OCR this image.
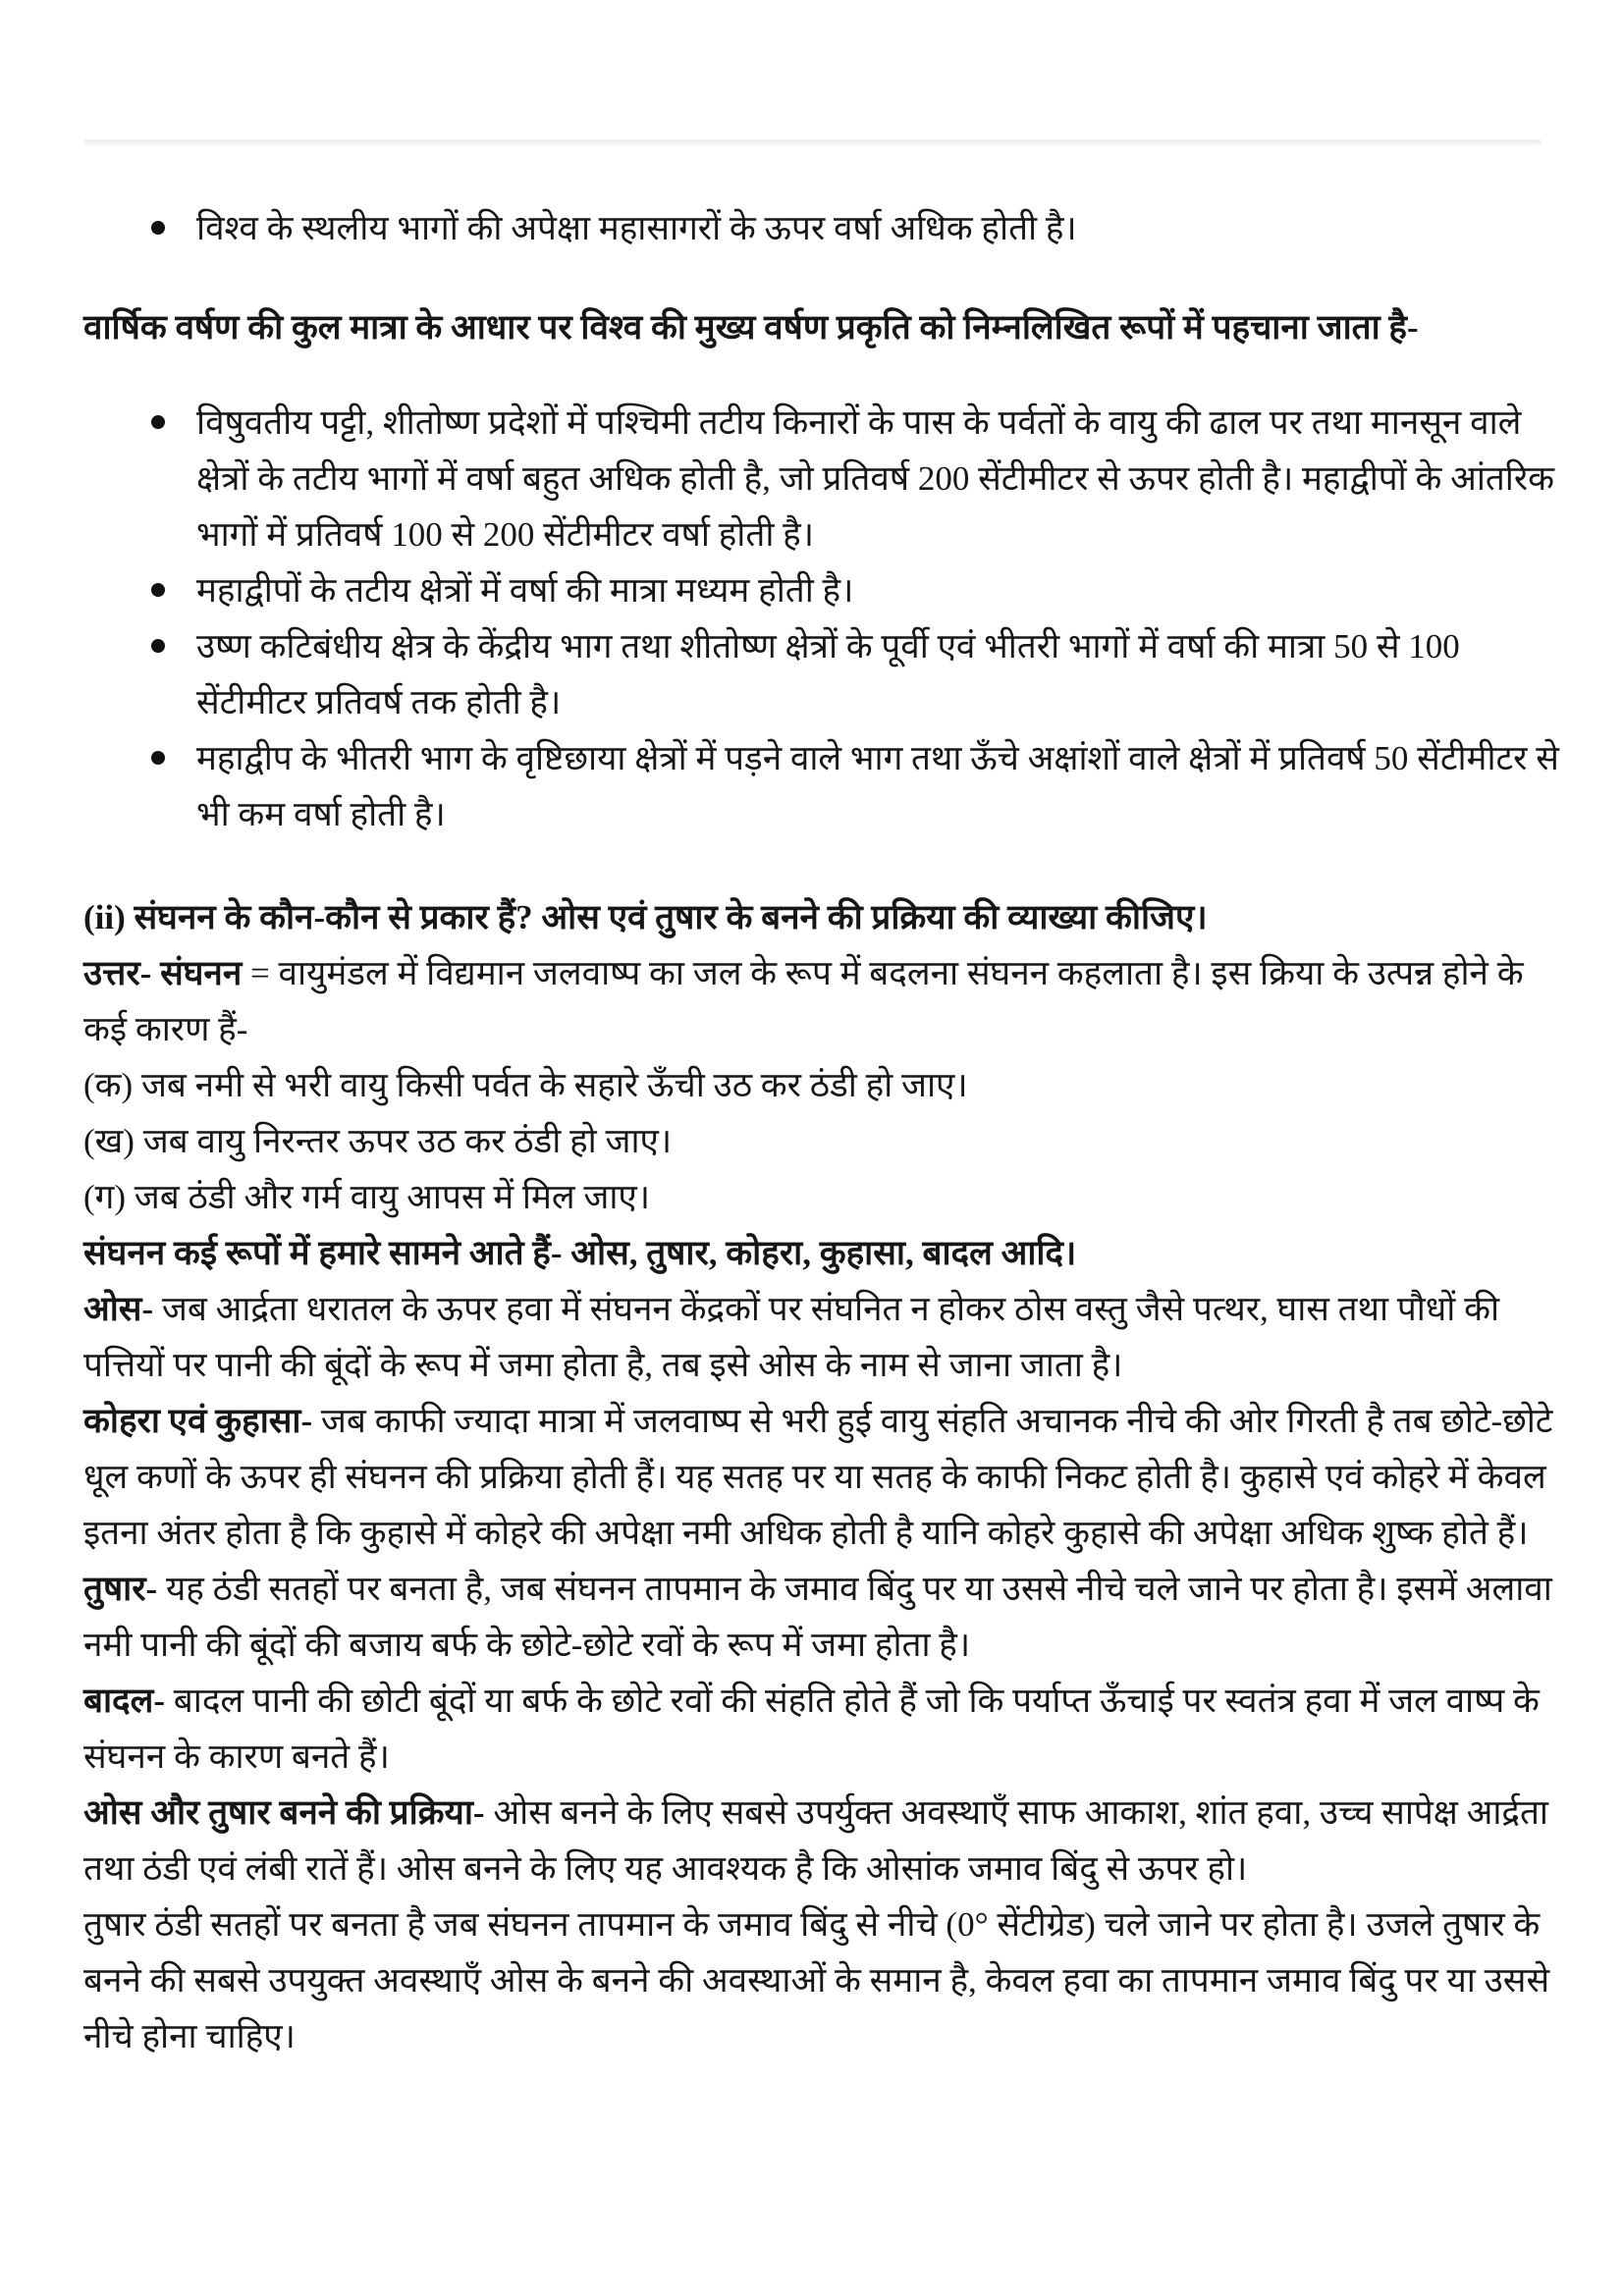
विश्व के स्थलीय भागों की अपेक्षा महासागरों के ऊपर वर्षा अधिक होती है।

वार्षिक वर्षण की कुल मात्रा के आधार पर विश्व की मुख्य वर्षण प्रकृति को निम्नलिखित रूपों में पहचाना जाता है-

विषुवतीय पट्टी, शीतोष्ण प्रदेशों में पश्चिमी तटीय किनारों के पास के पर्वतों के वायु की ढाल पर तथा मानसून वाले क्षेत्रों के तटीय भागों में वर्षा बहुत अधिक होती है, जो प्रतिवर्ष 200 सेंटीमीटर से ऊपर होती है। महाद्वीपों के आंतरिक भागों में प्रतिवर्ष 100 से 200 सेंटीमीटर वर्षा होती है।
महाद्वीपों के तटीय क्षेत्रों में वर्षा की मात्रा मध्यम होती है।
उष्ण कटिबंधीय क्षेत्र के केंद्रीय भाग तथा शीतोष्ण क्षेत्रों के पूर्वी एवं भीतरी भागों में वर्षा की मात्रा 50 से 100 सेंटीमीटर प्रतिवर्ष तक होती है।
महाद्वीप के भीतरी भाग के वृष्टिछाया क्षेत्रों में पड़ने वाले भाग तथा ऊँचे अक्षांशों वाले क्षेत्रों में प्रतिवर्ष 50 सेंटीमीटर से भी कम वर्षा होती है।

(ii) संघनन के कौन-कौन से प्रकार हैं? ओस एवं तुषार के बनने की प्रक्रिया की व्याख्या कीजिए।

उत्तर- संघनन = वायुमंडल में विद्यमान जलवाष्प का जल के रूप में बदलना संघनन कहलाता है। इस क्रिया के उत्पन्न होने के कई कारण हैं-

(क) जब नमी से भरी वायु किसी पर्वत के सहारे ऊँची उठ कर ठंडी हो जाए।

(ख) जब वायु निरन्तर ऊपर उठ कर ठंडी हो जाए।

(ग) जब ठंडी और गर्म वायु आपस में मिल जाए।

संघनन कई रूपों में हमारे सामने आते हैं- ओस, तुषार, कोहरा, कुहासा, बादल आदि।

ओस- जब आर्द्रता धरातल के ऊपर हवा में संघनन केंद्रकों पर संघनित न होकर ठोस वस्तु जैसे पत्थर, घास तथा पौधों की पत्तियों पर पानी की बूंदों के रूप में जमा होता है, तब इसे ओस के नाम से जाना जाता है।

कोहरा एवं कुहासा- जब काफी ज्यादा मात्रा में जलवाष्प से भरी हुई वायु संहति अचानक नीचे की ओर गिरती है तब छोटे-छोटे धूल कणों के ऊपर ही संघनन की प्रक्रिया होती हैं। यह सतह पर या सतह के काफी निकट होती है। कुहासे एवं कोहरे में केवल इतना अंतर होता है कि कुहासे में कोहरे की अपेक्षा नमी अधिक होती है यानि कोहरे कुहासे की अपेक्षा अधिक शुष्क होते हैं।

तुषार- यह ठंडी सतहों पर बनता है, जब संघनन तापमान के जमाव बिंदु पर या उससे नीचे चले जाने पर होता है। इसमें अलावा नमी पानी की बूंदों की बजाय बर्फ के छोटे-छोटे रवों के रूप में जमा होता है।

बादल- बादल पानी की छोटी बूंदों या बर्फ के छोटे रवों की संहति होते हैं जो कि पर्याप्त ऊँचाई पर स्वतंत्र हवा में जल वाष्प के संघनन के कारण बनते हैं।

ओस और तुषार बनने की प्रक्रिया- ओस बनने के लिए सबसे उपर्युक्त अवस्थाएँ साफ आकाश, शांत हवा, उच्च सापेक्ष आर्द्रता तथा ठंडी एवं लंबी रातें हैं। ओस बनने के लिए यह आवश्यक है कि ओसांक जमाव बिंदु से ऊपर हो।

तुषार ठंडी सतहों पर बनता है जब संघनन तापमान के जमाव बिंदु से नीचे (0° सेंटीग्रेड) चले जाने पर होता है। उजले तुषार के बनने की सबसे उपयुक्त अवस्थाएँ ओस के बनने की अवस्थाओं के समान है, केवल हवा का तापमान जमाव बिंदु पर या उससे नीचे होना चाहिए।
